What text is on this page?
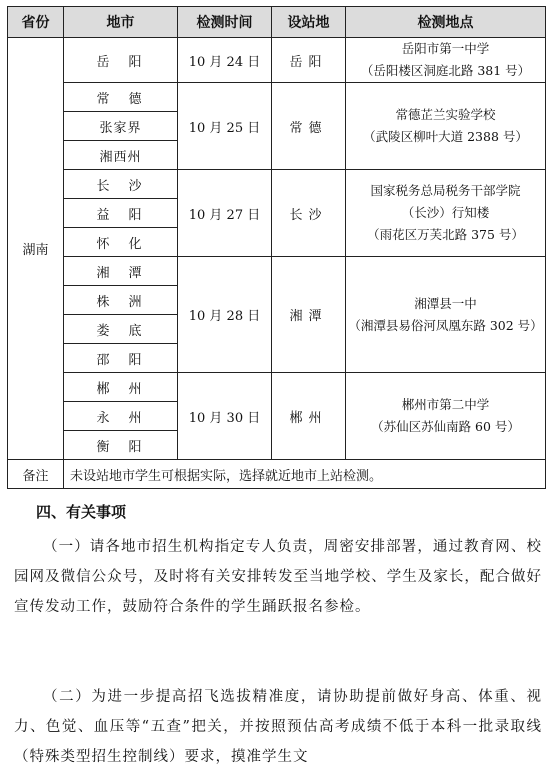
省份	地市	检测时间	设站地	检测地点
湖南	岳　阳	10 月 24 日	岳阳	岳阳市第一中学
（岳阳楼区洞庭北路 381 号）

	常　德	10 月 25 日	常德	常德芷兰实验学校
（武陵区柳叶大道 2388 号）

	张家界			
	湘西州			
	长　沙	10 月 27 日	长沙	国家税务总局税务干部学院
（长沙）行知楼
（雨花区万芙北路 375 号）

	益　阳			
	怀　化			
	湘　潭	10 月 28 日	湘潭	湘潭县一中
（湘潭县易俗河凤凰东路 302 号）

	株　洲			
	娄　底			
	邵　阳			
	郴　州	10 月 30 日	郴州	郴州市第二中学
（苏仙区苏仙南路 60 号）

	永　州			
	衡　阳			
备注	未设站地市学生可根据实际，选择就近地市上站检测。			
四、有关事项
（一）请各地市招生机构指定专人负责，周密安排部署，通过教育网、校园网及微信公众号，及时将有关安排转发至当地学校、学生及家长，配合做好宣传发动工作，鼓励符合条件的学生踊跃报名参检。
（二）为进一步提高招飞选拔精准度，请协助提前做好身高、体重、视力、色觉、血压等“五查”把关，并按照预估高考成绩不低于本科一批录取线（特殊类型招生控制线）要求，摸准学生文
